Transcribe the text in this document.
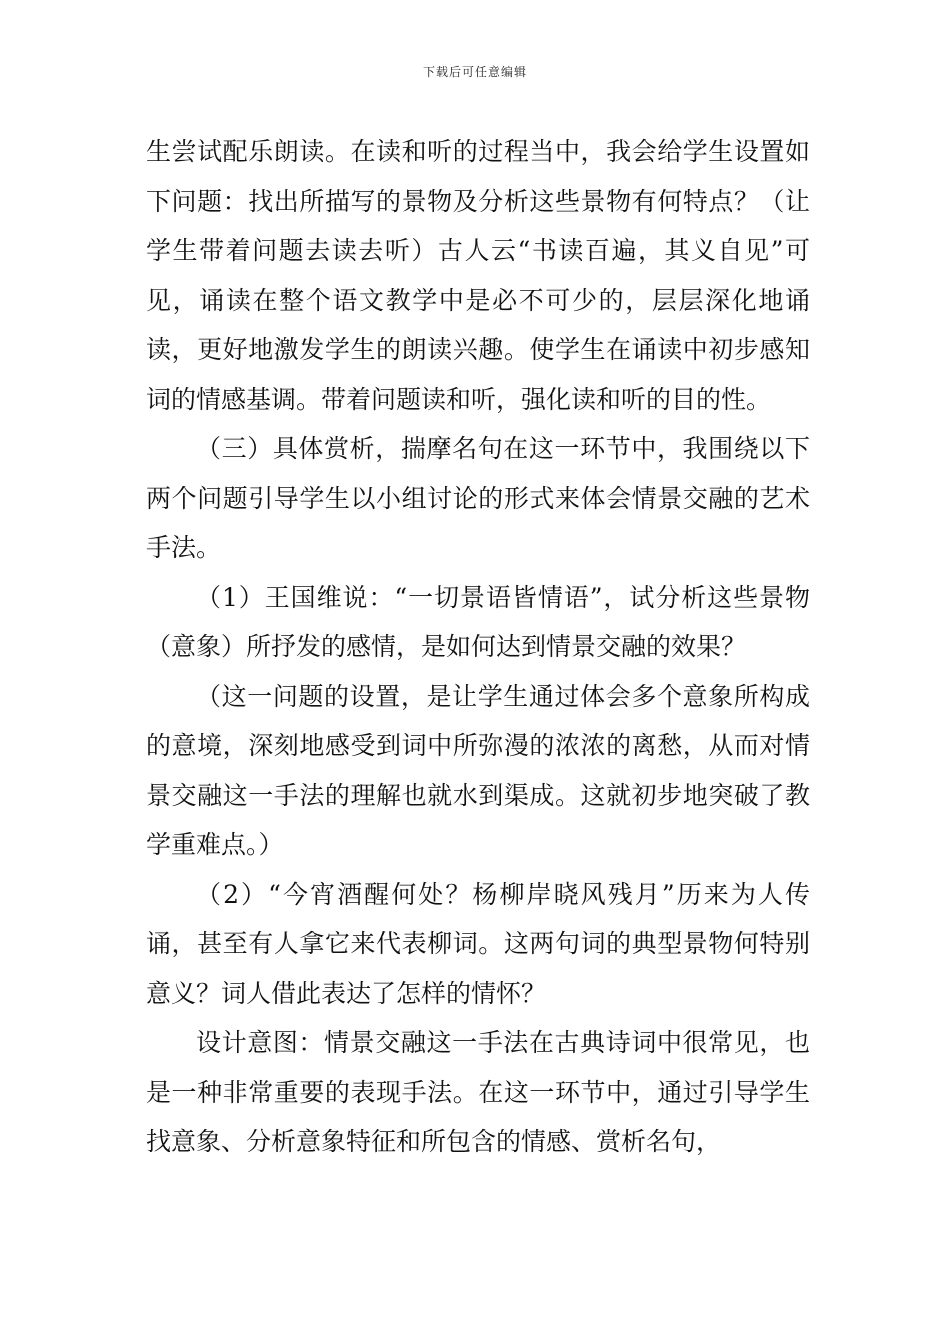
下载后可任意编辑

生尝试配乐朗读。在读和听的过程当中，我会给学生设置如下问题：找出所描写的景物及分析这些景物有何特点？（让学生带着问题去读去听）古人云“书读百遍，其义自见”可见，诵读在整个语文教学中是必不可少的，层层深化地诵读，更好地激发学生的朗读兴趣。使学生在诵读中初步感知词的情感基调。带着问题读和听，强化读和听的目的性。

（三）具体赏析，揣摩名句在这一环节中，我围绕以下两个问题引导学生以小组讨论的形式来体会情景交融的艺术手法。

（1）王国维说：“一切景语皆情语”，试分析这些景物（意象）所抒发的感情，是如何达到情景交融的效果？

（这一问题的设置，是让学生通过体会多个意象所构成的意境，深刻地感受到词中所弥漫的浓浓的离愁，从而对情景交融这一手法的理解也就水到渠成。这就初步地突破了教学重难点。）

（2）“今宵酒醒何处？杨柳岸晓风残月”历来为人传诵，甚至有人拿它来代表柳词。这两句词的典型景物何特别意义？词人借此表达了怎样的情怀？

设计意图：情景交融这一手法在古典诗词中很常见，也是一种非常重要的表现手法。在这一环节中，通过引导学生找意象、分析意象特征和所包含的情感、赏析名句，
